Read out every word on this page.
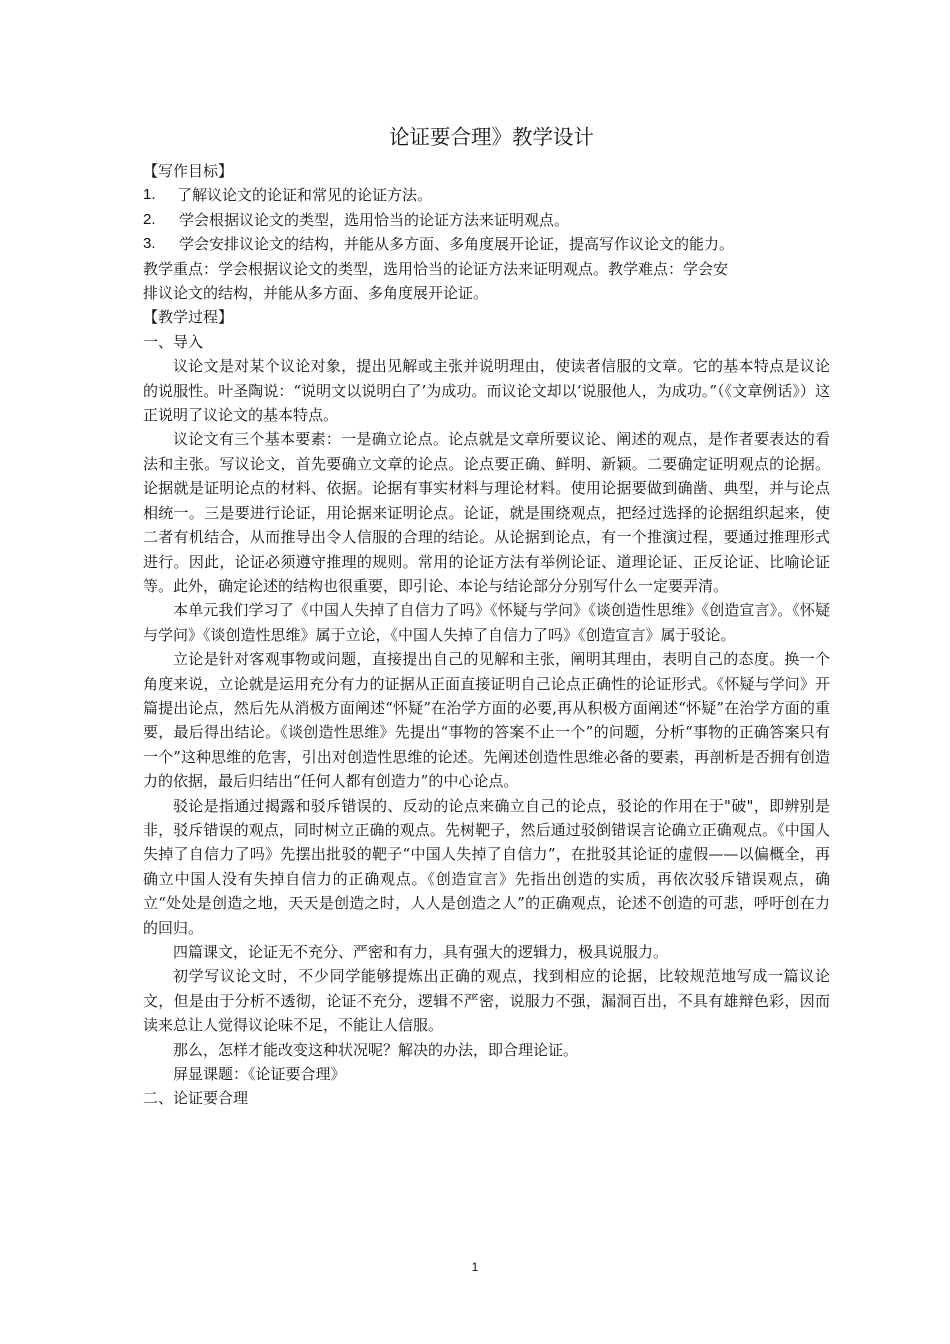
论证要合理》教学设计

【写作目标】

1.	了解议论文的论证和常见的论证方法。
2.	学会根据议论文的类型，选用恰当的论证方法来证明观点。
3.	学会安排议论文的结构，并能从多方面、多角度展开论证，提高写作议论文的能力。

教学重点：学会根据议论文的类型，选用恰当的论证方法来证明观点。教学难点：学会安

排议论文的结构，并能从多方面、多角度展开论证。

【教学过程】

一、导入

议论文是对某个议论对象，提出见解或主张并说明理由，使读者信服的文章。它的基本特点是议论的说服性。叶圣陶说：“说明文以说明白了’为成功。而议论文却以‘说服他人，为成功。”（《文章例话》）这正说明了议论文的基本特点。

议论文有三个基本要素：一是确立论点。论点就是文章所要议论、阐述的观点，是作者要表达的看法和主张。写议论文，首先要确立文章的论点。论点要正确、鲜明、新颖。二要确定证明观点的论据。论据就是证明论点的材料、依据。论据有事实材料与理论材料。使用论据要做到确凿、典型，并与论点相统一。三是要进行论证，用论据来证明论点。论证，就是围绕观点，把经过选择的论据组织起来，使二者有机结合，从而推导出令人信服的合理的结论。从论据到论点，有一个推演过程，要通过推理形式进行。因此，论证必须遵守推理的规则。常用的论证方法有举例论证、道理论证、正反论证、比喻论证等。此外，确定论述的结构也很重要，即引论、本论与结论部分分别写什么一定要弄清。

本单元我们学习了《中国人失掉了自信力了吗》《怀疑与学问》《谈创造性思维》《创造宣言》。《怀疑与学问》《谈创造性思维》属于立论，《中国人失掉了自信力了吗》《创造宣言》属于驳论。

立论是针对客观事物或问题，直接提出自己的见解和主张，阐明其理由，表明自己的态度。换一个角度来说，立论就是运用充分有力的证据从正面直接证明自己论点正确性的论证形式。《怀疑与学问》开篇提出论点，然后先从消极方面阐述“怀疑”在治学方面的必要,再从积极方面阐述“怀疑”在治学方面的重要，最后得出结论。《谈创造性思维》先提出“事物的答案不止一个”的问题，分析“事物的正确答案只有一个”这种思维的危害，引出对创造性思维的论述。先阐述创造性思维必备的要素，再剖析是否拥有创造力的依据，最后归结出“任何人都有创造力”的中心论点。

驳论是指通过揭露和驳斥错误的、反动的论点来确立自己的论点，驳论的作用在于"破"，即辨别是非，驳斥错误的观点，同时树立正确的观点。先树靶子，然后通过驳倒错误言论确立正确观点。《中国人失掉了自信力了吗》先摆出批驳的靶子“中国人失掉了自信力”，在批驳其论证的虚假——以偏概全，再确立中国人没有失掉自信力的正确观点。《创造宣言》先指出创造的实质，再依次驳斥错误观点，确立“处处是创造之地，天天是创造之时，人人是创造之人”的正确观点，论述不创造的可悲，呼吁创在力的回归。

四篇课文，论证无不充分、严密和有力，具有强大的逻辑力，极具说服力。

初学写议论文时，不少同学能够提炼出正确的观点，找到相应的论据，比较规范地写成一篇议论文，但是由于分析不透彻，论证不充分，逻辑不严密，说服力不强，漏洞百出，不具有雄辩色彩，因而读来总让人觉得议论味不足，不能让人信服。

那么，怎样才能改变这种状况呢？解决的办法，即合理论证。

屏显课题：《论证要合理》

二、论证要合理

1
